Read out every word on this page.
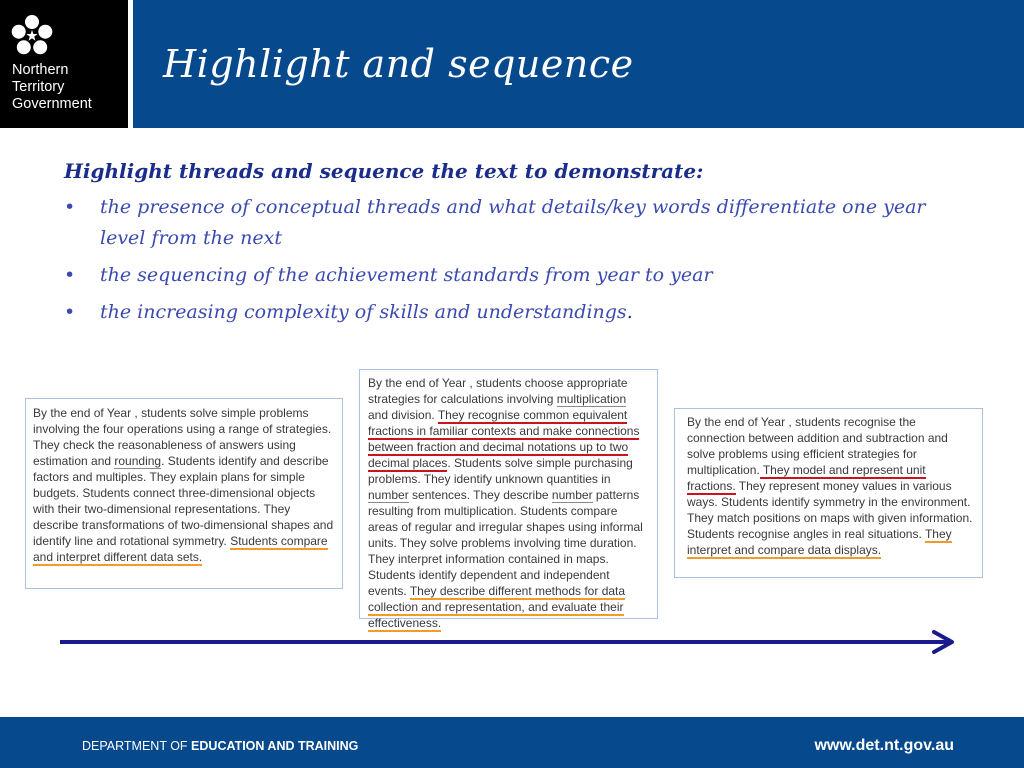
Northern
Territory
Government
Highlight and sequence
Highlight threads and sequence the text to demonstrate:
• the presence of conceptual threads and what details/key words differentiate one year level from the next
• the sequencing of the achievement standards from year to year
• the increasing complexity of skills and understandings.

By the end of Year , students solve simple problems involving the four operations using a range of strategies. They check the reasonableness of answers using estimation and rounding. Students identify and describe factors and multiples. They explain plans for simple budgets. Students connect three-dimensional objects with their two-dimensional representations. They describe transformations of two-dimensional shapes and identify line and rotational symmetry. Students compare and interpret different data sets.

By the end of Year , students choose appropriate strategies for calculations involving multiplication and division. They recognise common equivalent fractions in familiar contexts and make connections between fraction and decimal notations up to two decimal places. Students solve simple purchasing problems. They identify unknown quantities in number sentences. They describe number patterns resulting from multiplication. Students compare areas of regular and irregular shapes using informal units. They solve problems involving time duration. They interpret information contained in maps. Students identify dependent and independent events. They describe different methods for data collection and representation, and evaluate their effectiveness.

By the end of Year , students recognise the connection between addition and subtraction and solve problems using efficient strategies for multiplication. They model and represent unit fractions. They represent money values in various ways. Students identify symmetry in the environment. They match positions on maps with given information. Students recognise angles in real situations. They interpret and compare data displays.

DEPARTMENT OF EDUCATION AND TRAINING	www.det.nt.gov.au
